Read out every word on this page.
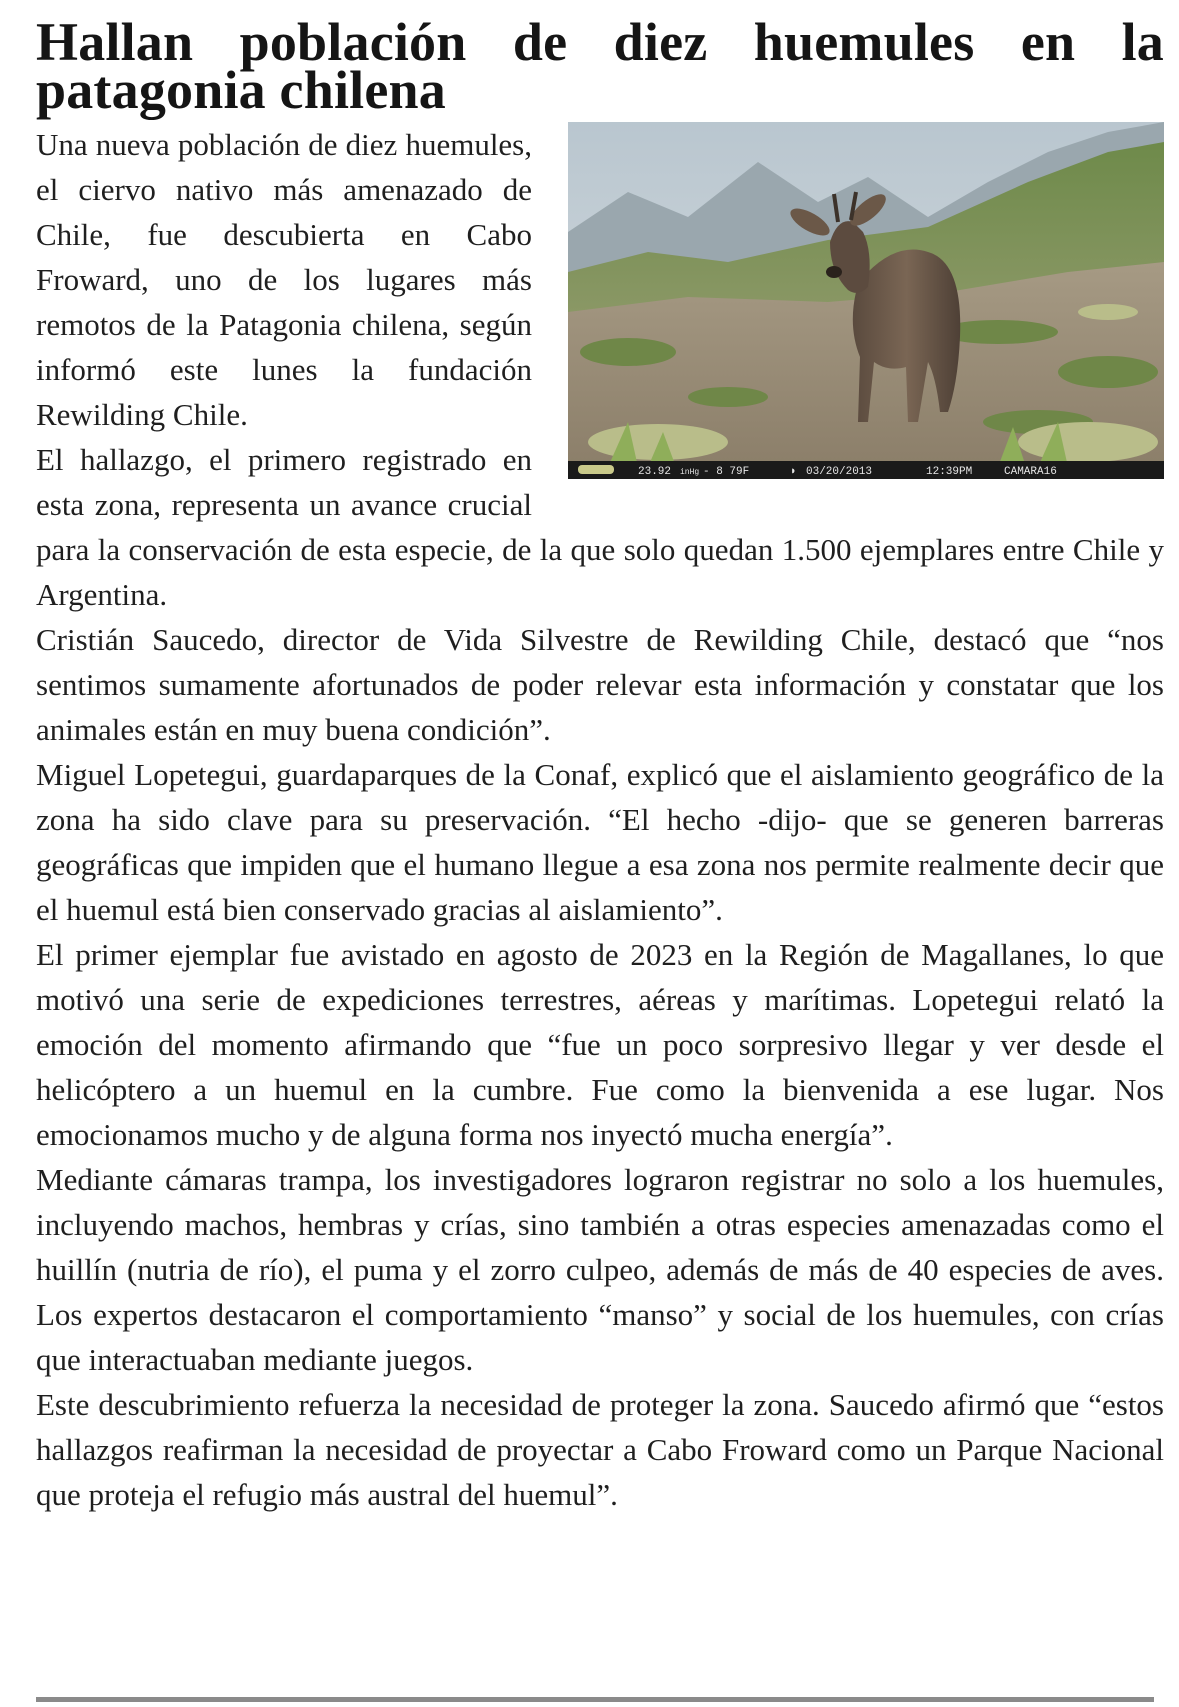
Hallan población de diez huemules en la patagonia chilena
23.92 inHg - 8 79F	◗ 03/20/2013	12:39PM	CAMARA16

Una nueva población de diez huemules, el ciervo nativo más amenazado de Chile, fue descubierta en Cabo Froward, uno de los lugares más remotos de la Patagonia chilena, según informó este lunes la fundación Rewilding Chile.

El hallazgo, el primero registrado en esta zona, representa un avance crucial para la conservación de esta especie, de la que solo quedan 1.500 ejemplares entre Chile y Argentina.

Cristián Saucedo, director de Vida Silvestre de Rewilding Chile, destacó que “nos sentimos sumamente afortunados de poder relevar esta información y constatar que los animales están en muy buena condición”.

Miguel Lopetegui, guardaparques de la Conaf, explicó que el aislamiento geográfico de la zona ha sido clave para su preservación. “El hecho -dijo- que se generen barreras geográficas que impiden que el humano llegue a esa zona nos permite realmente decir que el huemul está bien conservado gracias al aislamiento”.

El primer ejemplar fue avistado en agosto de 2023 en la Región de Magallanes, lo que motivó una serie de expediciones terrestres, aéreas y marítimas. Lopetegui relató la emoción del momento afirmando que “fue un poco sorpresivo llegar y ver desde el helicóptero a un huemul en la cumbre. Fue como la bienvenida a ese lugar. Nos emocionamos mucho y de alguna forma nos inyectó mucha energía”.

Mediante cámaras trampa, los investigadores lograron registrar no solo a los huemules, incluyendo machos, hembras y crías, sino también a otras especies amenazadas como el huillín (nutria de río), el puma y el zorro culpeo, además de más de 40 especies de aves. Los expertos destacaron el comportamiento “manso” y social de los huemules, con crías que interactuaban mediante juegos.

Este descubrimiento refuerza la necesidad de proteger la zona. Saucedo afirmó que “estos hallazgos reafirman la necesidad de proyectar a Cabo Froward como un Parque Nacional que proteja el refugio más austral del huemul”.
